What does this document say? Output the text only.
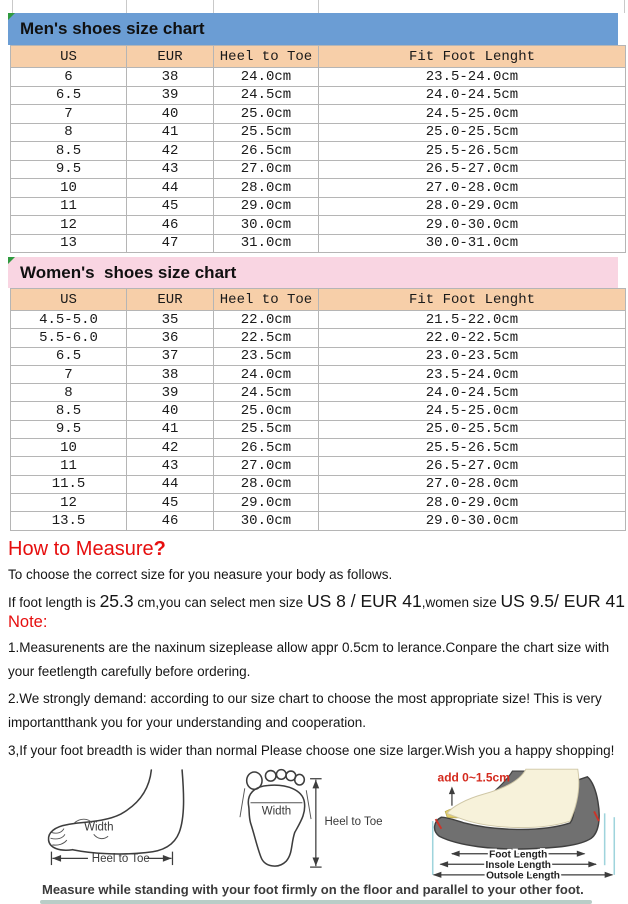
Men's shoes size chart
US	EUR	Heel to Toe	Fit Foot Lenght
6	38	24.0cm	23.5-24.0cm
6.5	39	24.5cm	24.0-24.5cm
7	40	25.0cm	24.5-25.0cm
8	41	25.5cm	25.0-25.5cm
8.5	42	26.5cm	25.5-26.5cm
9.5	43	27.0cm	26.5-27.0cm
10	44	28.0cm	27.0-28.0cm
11	45	29.0cm	28.0-29.0cm
12	46	30.0cm	29.0-30.0cm
13	47	31.0cm	30.0-31.0cm
Women's  shoes size chart
US	EUR	Heel to Toe	Fit Foot Lenght
4.5-5.0	35	22.0cm	21.5-22.0cm
5.5-6.0	36	22.5cm	22.0-22.5cm
6.5	37	23.5cm	23.0-23.5cm
7	38	24.0cm	23.5-24.0cm
8	39	24.5cm	24.0-24.5cm
8.5	40	25.0cm	24.5-25.0cm
9.5	41	25.5cm	25.0-25.5cm
10	42	26.5cm	25.5-26.5cm
11	43	27.0cm	26.5-27.0cm
11.5	44	28.0cm	27.0-28.0cm
12	45	29.0cm	28.0-29.0cm
13.5	46	30.0cm	29.0-30.0cm
How to Measure?
To choose the correct size for you neasure your body as follows.
If foot length is 25.3 cm,you can select men size US 8 / EUR 41,women size US 9.5/ EUR 41
Note:
1.Measurenents are the naxinum sizeplease allow appr 0.5cm to lerance.Conpare the chart size with your feetlength carefully before ordering.
2.We strongly demand: according to our size chart to choose the most appropriate size! This is very importantthank you for your understanding and cooperation.
3,If your foot breadth is wider than normal Please choose one size larger.Wish you a happy shopping!
Width
Heel to Toe
Width
Heel to Toe
add 0~1.5cm
Foot Length
Insole Length
Outsole Length
Measure while standing with your foot firmly on the floor and parallel to your other foot.
